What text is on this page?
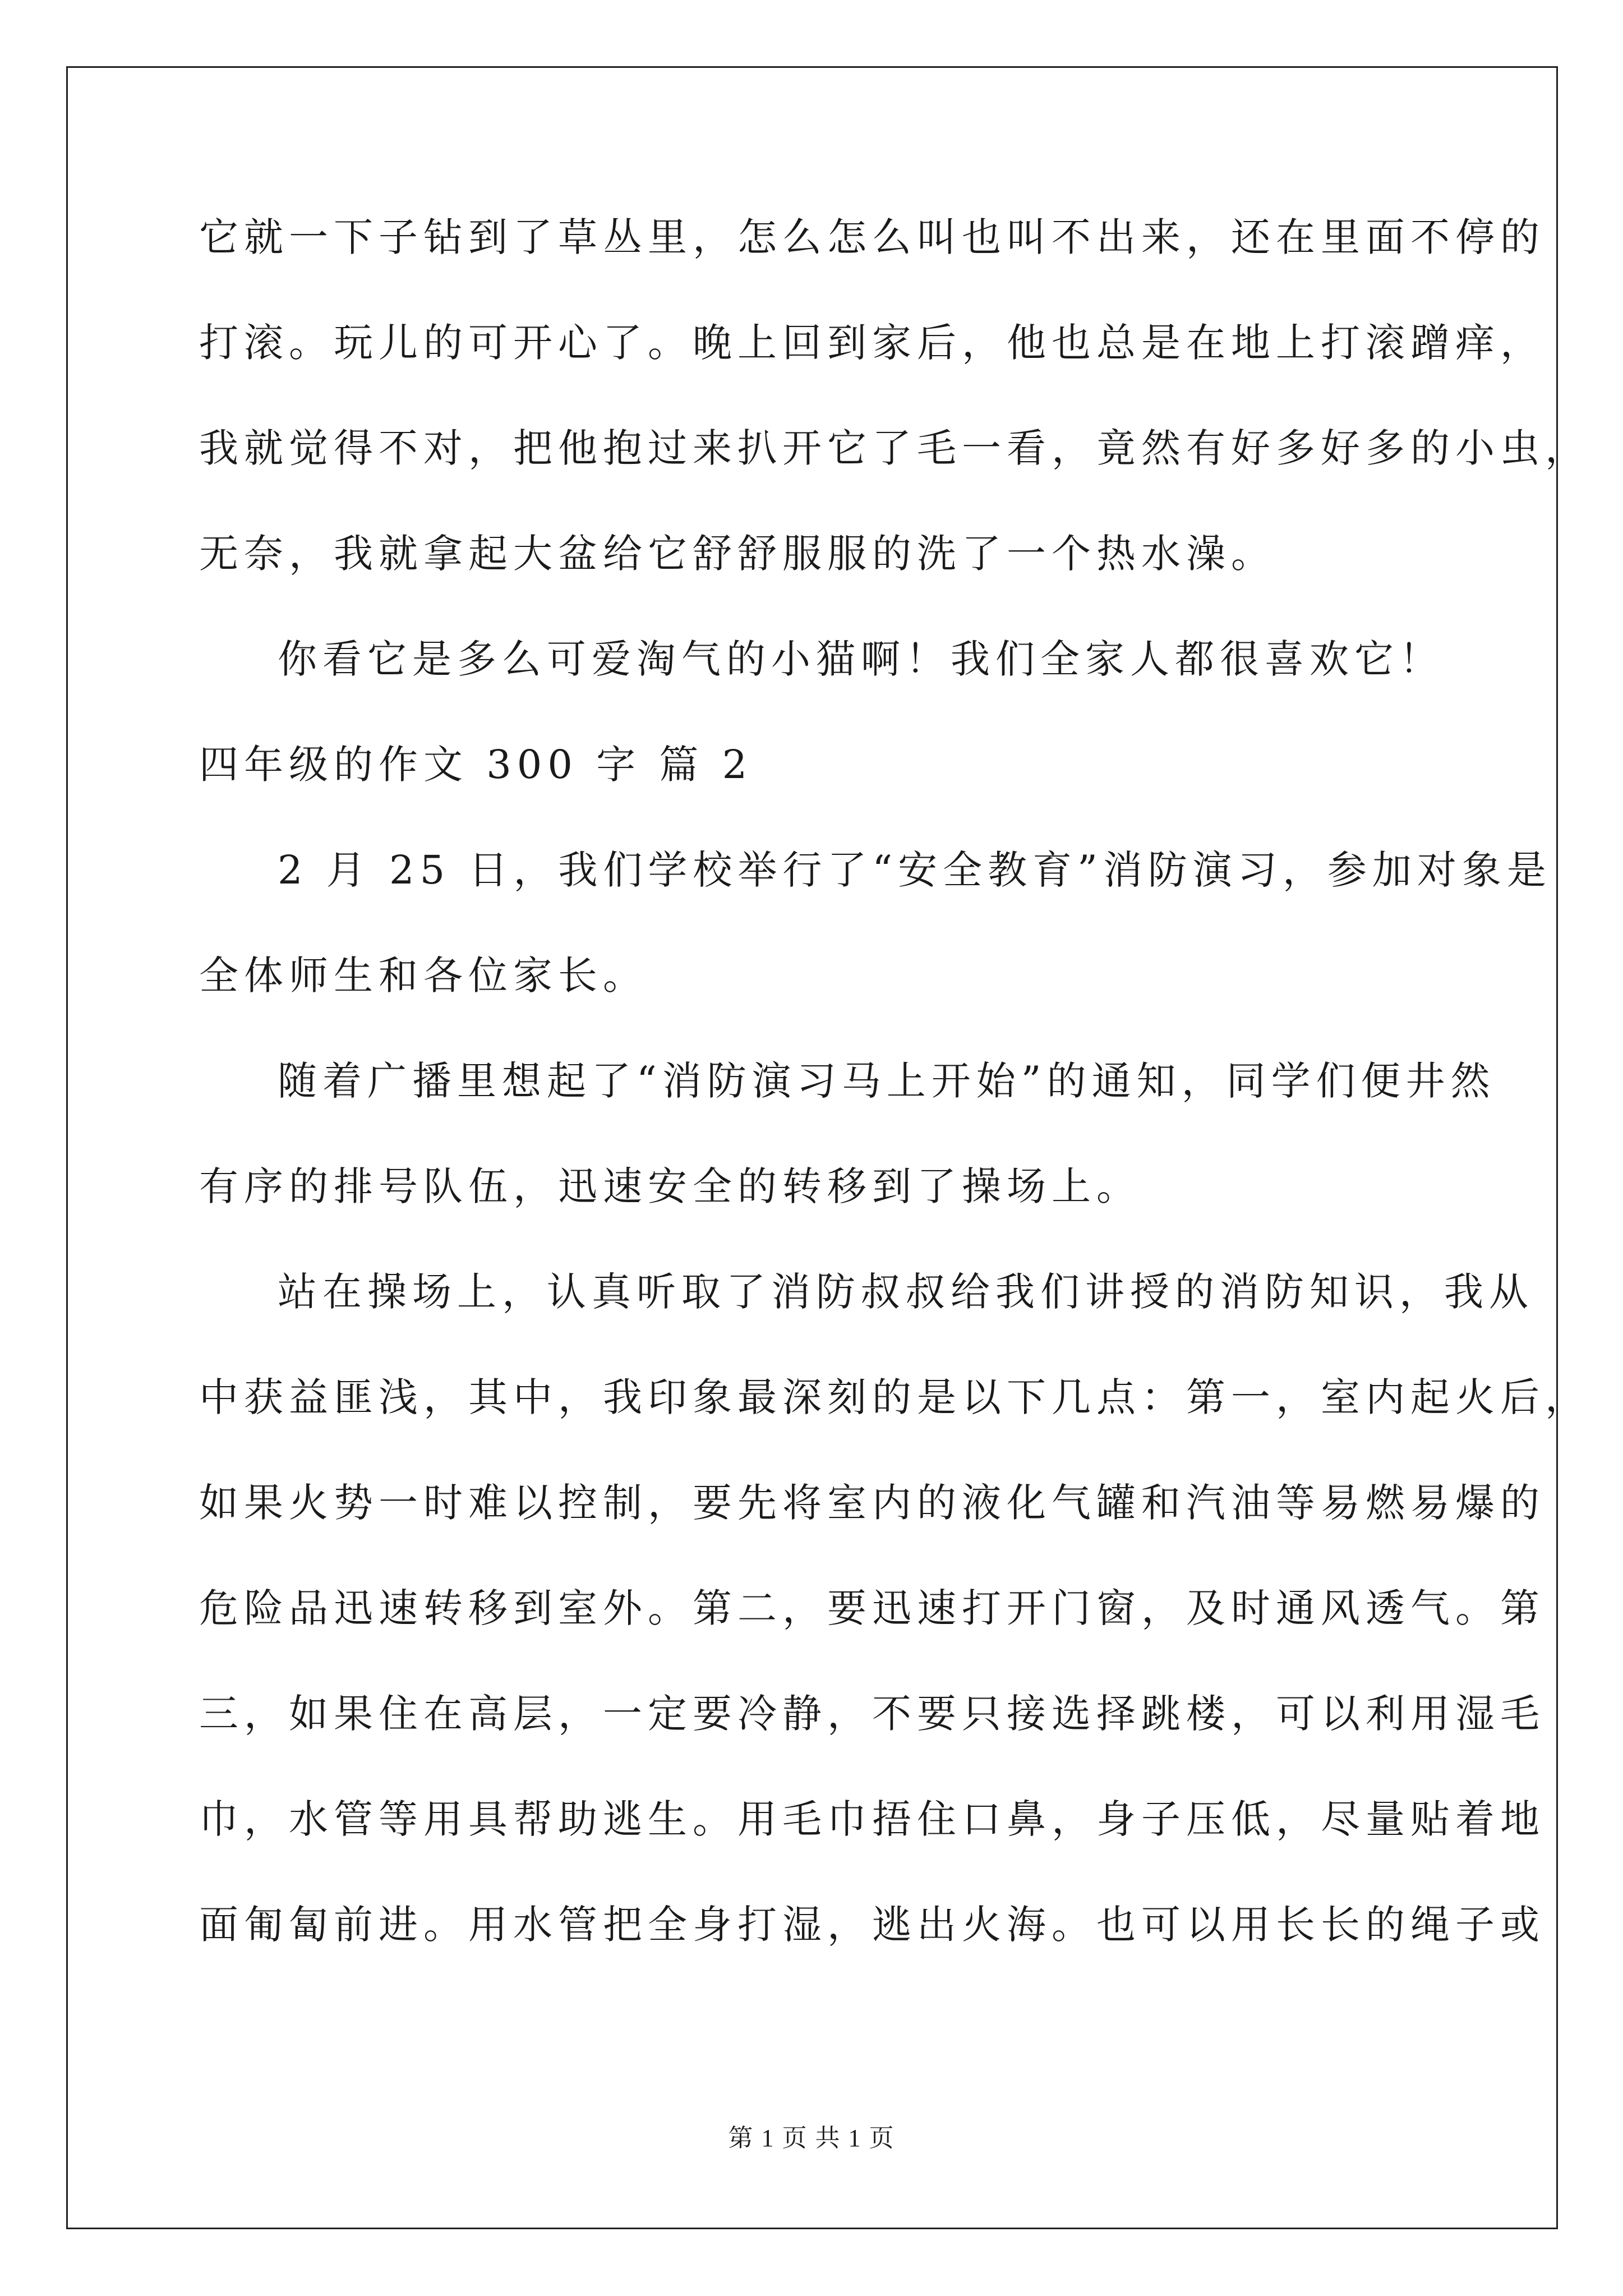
它就一下子钻到了草丛里，怎么怎么叫也叫不出来，还在里面不停的
打滚。玩儿的可开心了。晚上回到家后，他也总是在地上打滚蹭痒，
我就觉得不对，把他抱过来扒开它了毛一看，竟然有好多好多的小虫，
无奈，我就拿起大盆给它舒舒服服的洗了一个热水澡。
你看它是多么可爱淘气的小猫啊！我们全家人都很喜欢它！
四年级的作文 300 字 篇 2
2 月 25 日，我们学校举行了“安全教育”消防演习，参加对象是
全体师生和各位家长。
随着广播里想起了“消防演习马上开始”的通知，同学们便井然
有序的排号队伍，迅速安全的转移到了操场上。
站在操场上，认真听取了消防叔叔给我们讲授的消防知识，我从
中获益匪浅，其中，我印象最深刻的是以下几点：第一，室内起火后，
如果火势一时难以控制，要先将室内的液化气罐和汽油等易燃易爆的
危险品迅速转移到室外。第二，要迅速打开门窗，及时通风透气。第
三，如果住在高层，一定要冷静，不要只接选择跳楼，可以利用湿毛
巾，水管等用具帮助逃生。用毛巾捂住口鼻，身子压低，尽量贴着地
面匍匐前进。用水管把全身打湿，逃出火海。也可以用长长的绳子或
第 1 页 共 1 页
